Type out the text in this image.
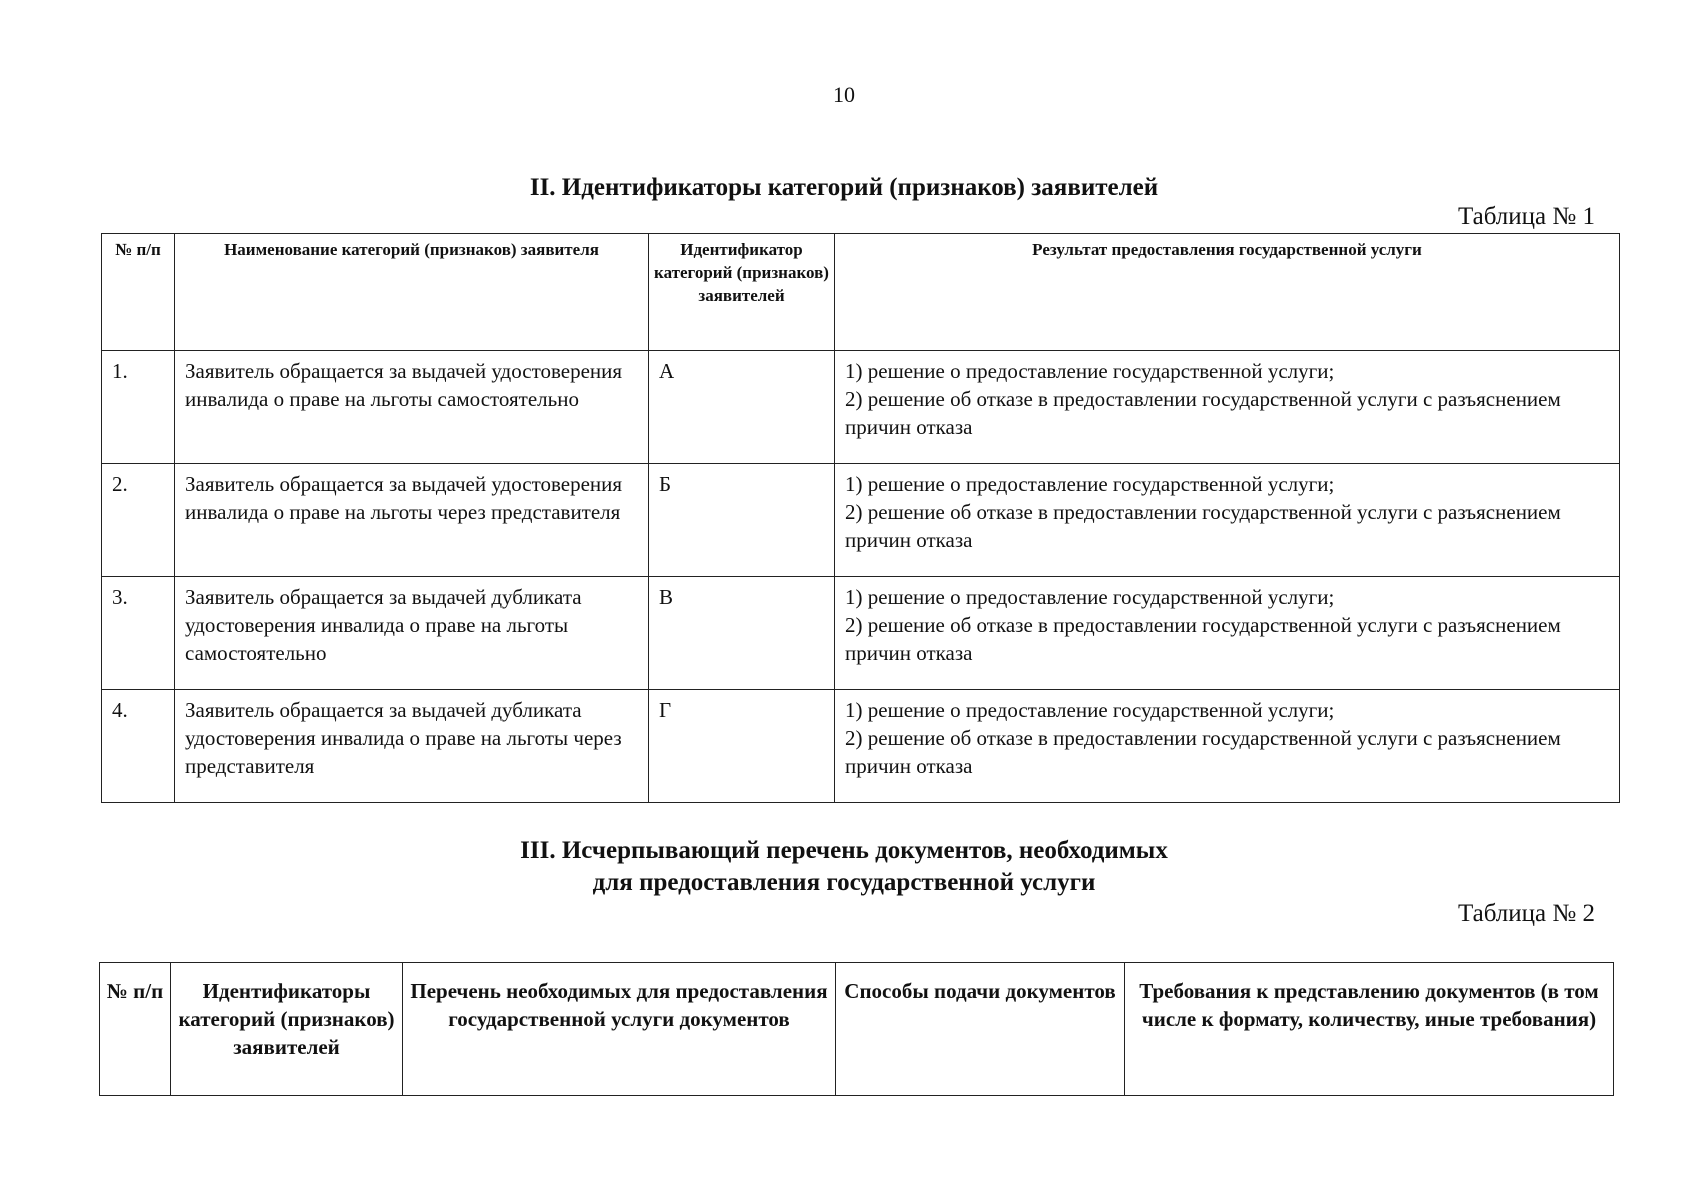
10
II. Идентификаторы категорий (признаков) заявителей
Таблица № 1
№ п/п	Наименование категорий (признаков) заявителя	Идентификатор категорий (признаков) заявителей	Результат предоставления государственной услуги
1.	Заявитель обращается за выдачей удостоверения инвалида о праве на льготы самостоятельно	А	1) решение о предоставление государственной услуги;
2) решение об отказе в предоставлении государственной услуги с разъяснением причин отказа
2.	Заявитель обращается за выдачей удостоверения инвалида о праве на льготы через представителя	Б	1) решение о предоставление государственной услуги;
2) решение об отказе в предоставлении государственной услуги с разъяснением причин отказа
3.	Заявитель обращается за выдачей дубликата удостоверения инвалида о праве на льготы самостоятельно	В	1) решение о предоставление государственной услуги;
2) решение об отказе в предоставлении государственной услуги с разъяснением причин отказа
4.	Заявитель обращается за выдачей дубликата удостоверения инвалида о праве на льготы через представителя	Г	1) решение о предоставление государственной услуги;
2) решение об отказе в предоставлении государственной услуги с разъяснением причин отказа
III. Исчерпывающий перечень документов, необходимых
для предоставления государственной услуги
Таблица № 2
№ п/п	Идентификаторы категорий (признаков) заявителей	Перечень необходимых для предоставления государственной услуги документов	Способы подачи документов	Требования к представлению документов (в том числе к формату, количеству, иные требования)
